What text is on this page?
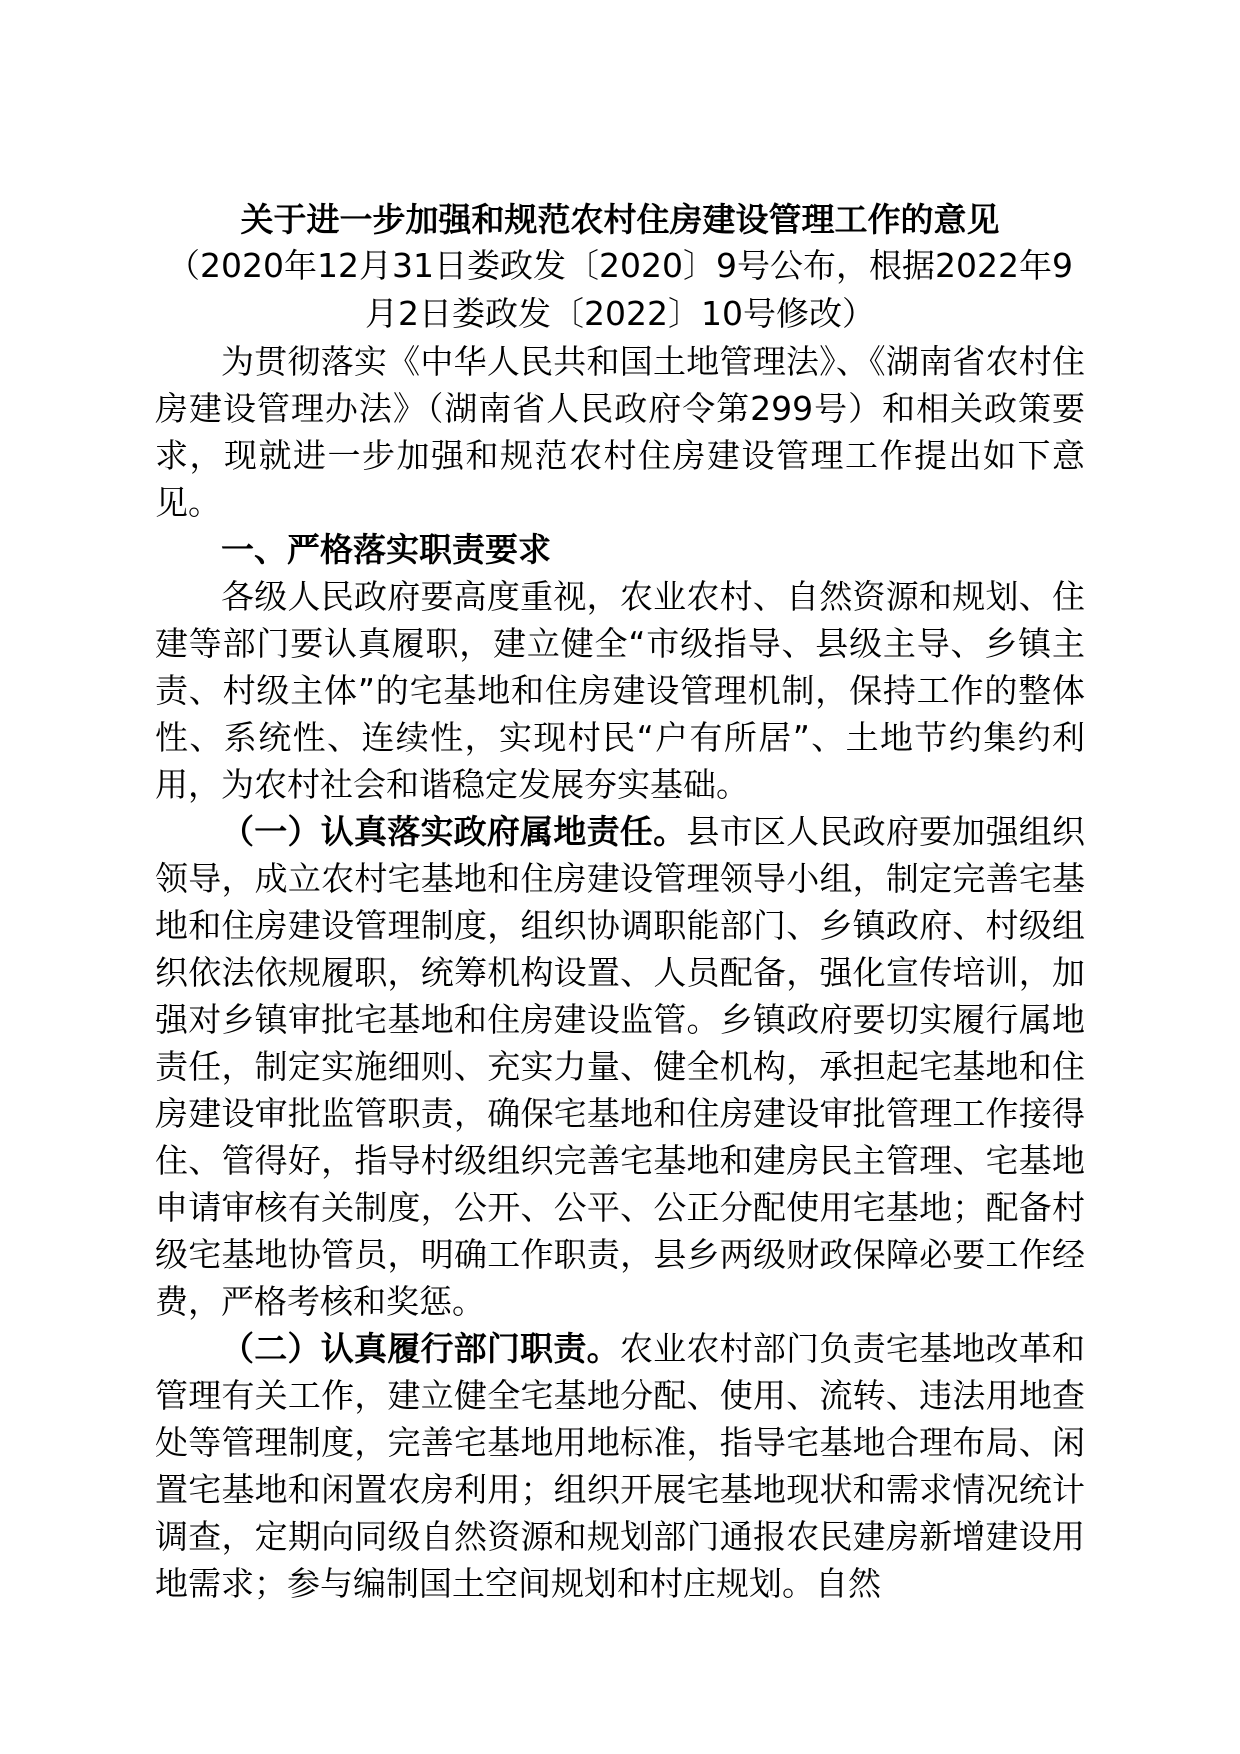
关于进一步加强和规范农村住房建设管理工作的意见
（2020年12月31日娄政发〔2020〕9号公布，根据2022年9月2日娄政发〔2022〕10号修改）

为贯彻落实《中华人民共和国土地管理法》、《湖南省农村住房建设管理办法》（湖南省人民政府令第299号）和相关政策要求，现就进一步加强和规范农村住房建设管理工作提出如下意见。

一、严格落实职责要求

各级人民政府要高度重视，农业农村、自然资源和规划、住建等部门要认真履职，建立健全“市级指导、县级主导、乡镇主责、村级主体”的宅基地和住房建设管理机制，保持工作的整体性、系统性、连续性，实现村民“户有所居”、土地节约集约利用，为农村社会和谐稳定发展夯实基础。

（一）认真落实政府属地责任。县市区人民政府要加强组织领导，成立农村宅基地和住房建设管理领导小组，制定完善宅基地和住房建设管理制度，组织协调职能部门、乡镇政府、村级组织依法依规履职，统筹机构设置、人员配备，强化宣传培训，加强对乡镇审批宅基地和住房建设监管。乡镇政府要切实履行属地责任，制定实施细则、充实力量、健全机构，承担起宅基地和住房建设审批监管职责，确保宅基地和住房建设审批管理工作接得住、管得好，指导村级组织完善宅基地和建房民主管理、宅基地申请审核有关制度，公开、公平、公正分配使用宅基地；配备村级宅基地协管员，明确工作职责，县乡两级财政保障必要工作经费，严格考核和奖惩。

（二）认真履行部门职责。农业农村部门负责宅基地改革和管理有关工作，建立健全宅基地分配、使用、流转、违法用地查处等管理制度，完善宅基地用地标准，指导宅基地合理布局、闲置宅基地和闲置农房利用；组织开展宅基地现状和需求情况统计调查，定期向同级自然资源和规划部门通报农民建房新增建设用地需求；参与编制国土空间规划和村庄规划。自然
